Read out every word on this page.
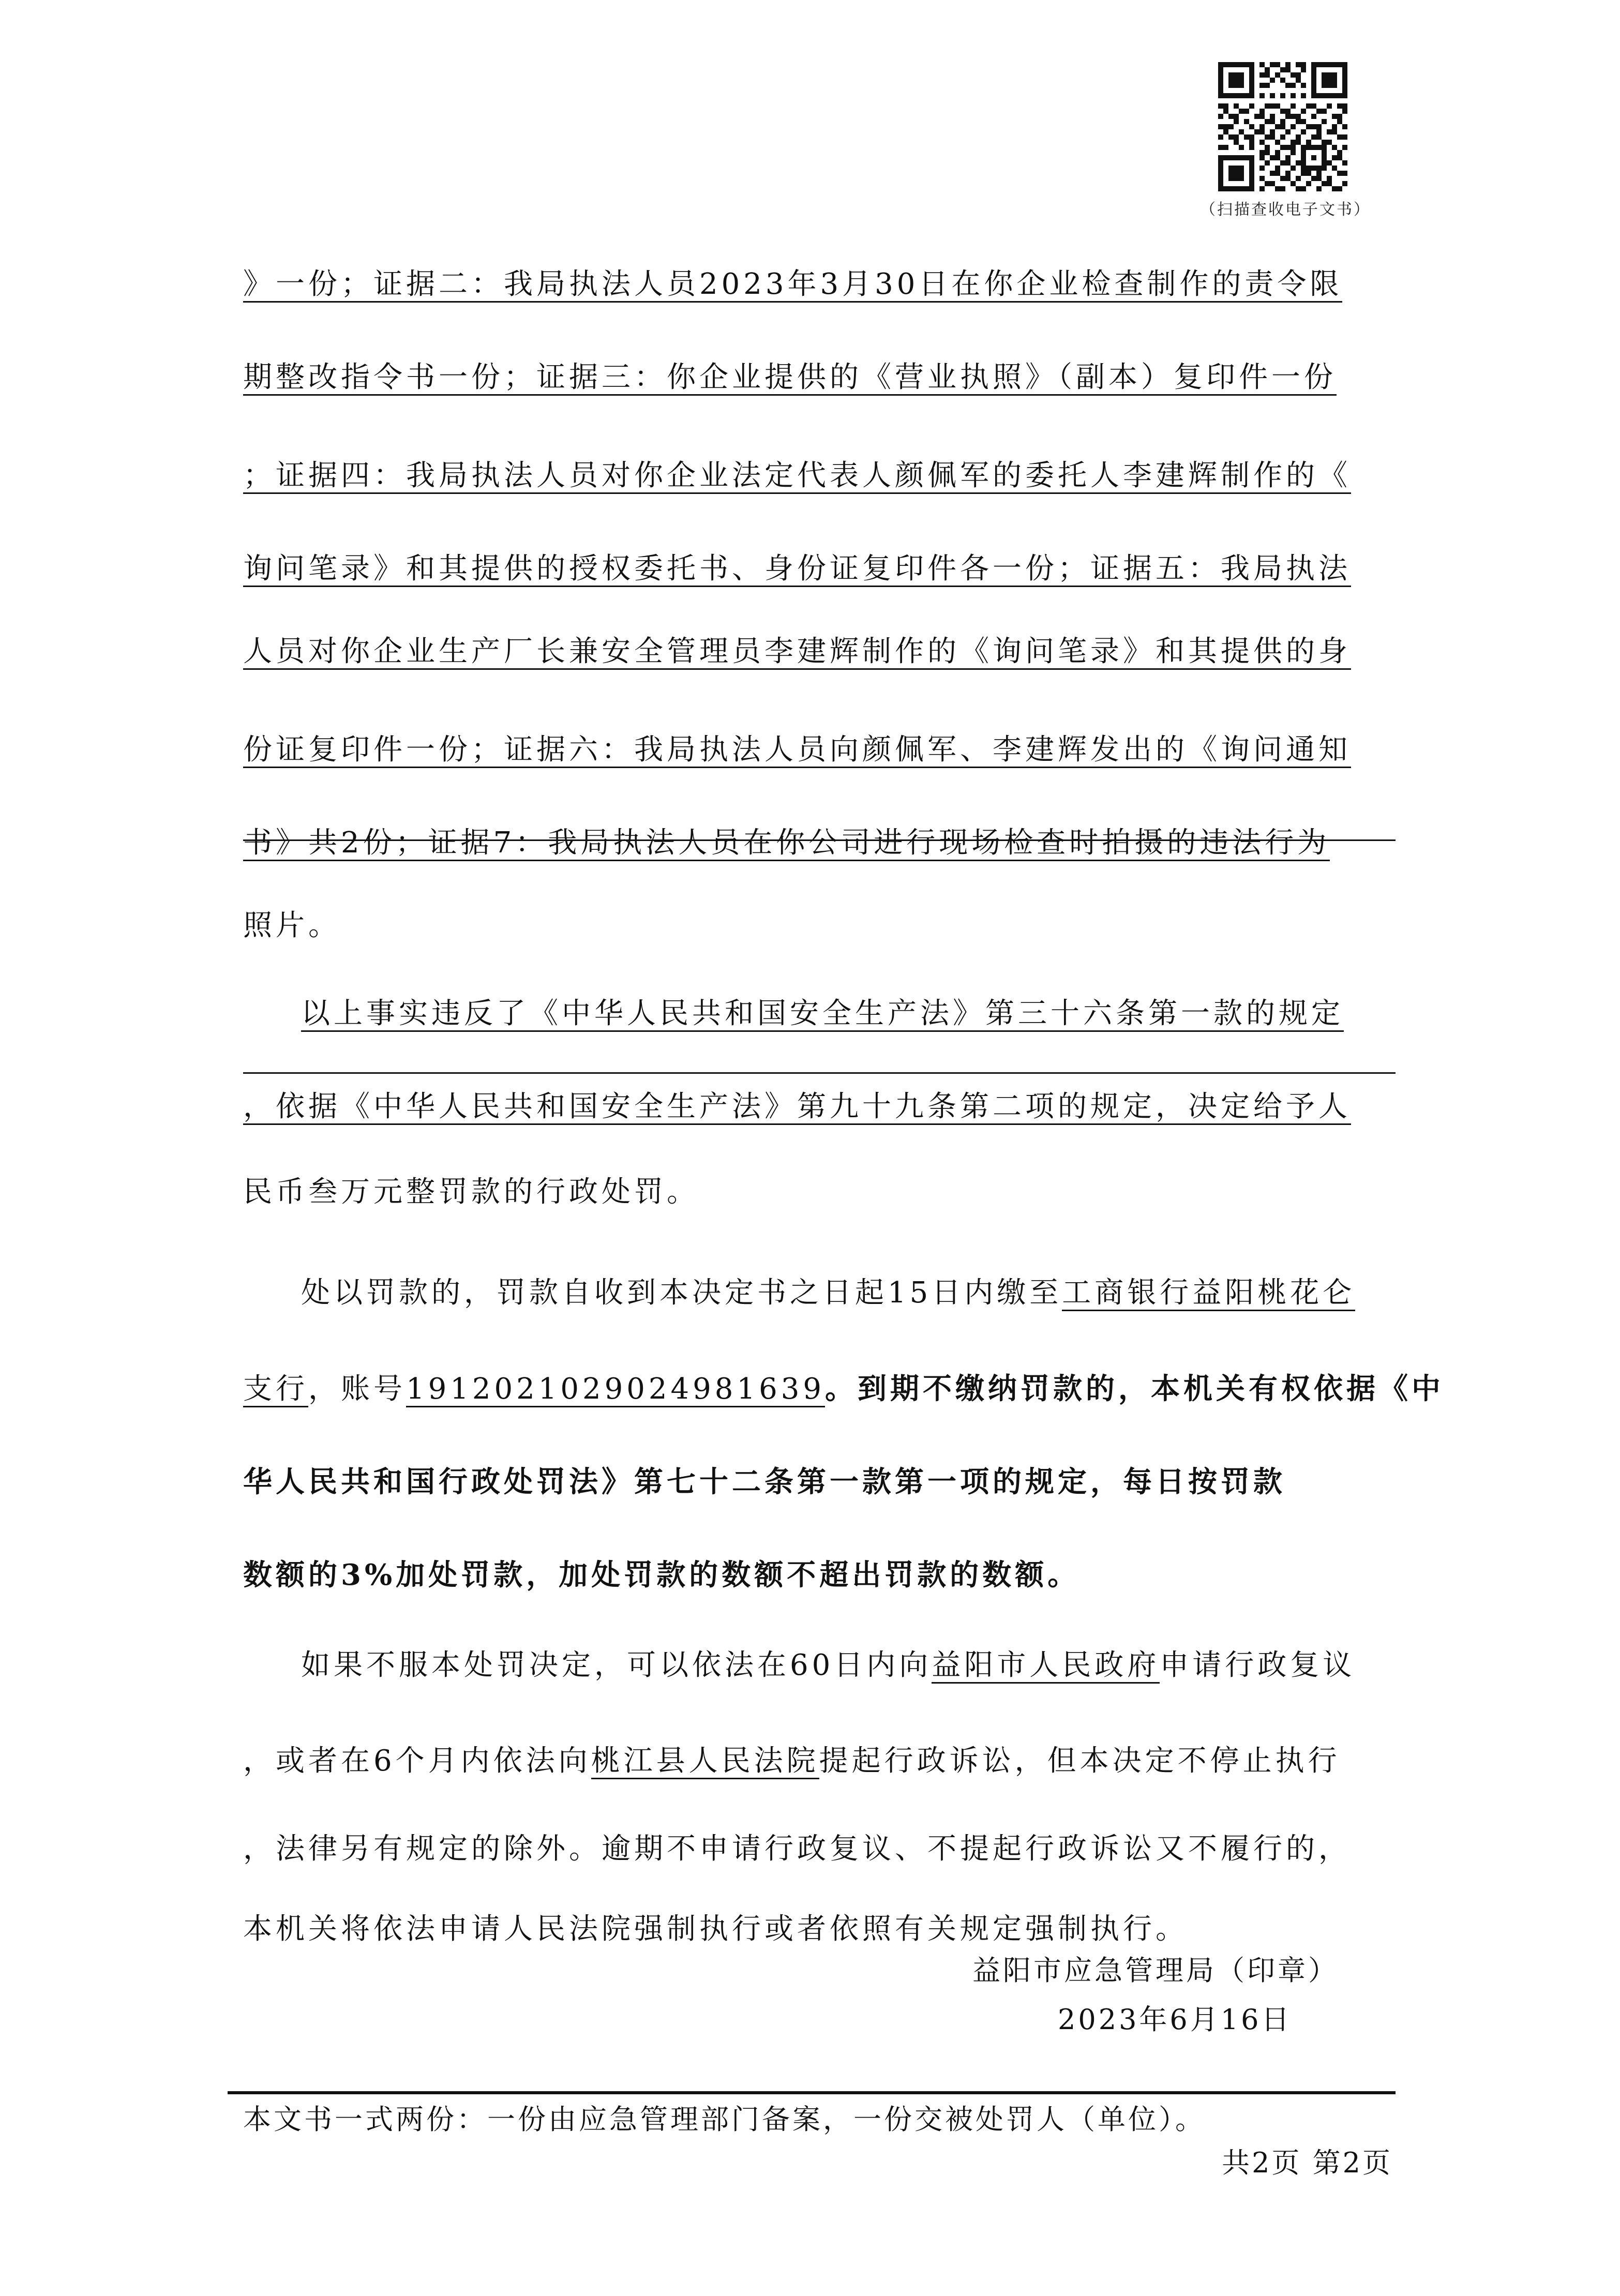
（扫描查收电子文书）
》一份；证据二：我局执法人员2023年3月30日在你企业检查制作的责令限
期整改指令书一份；证据三：你企业提供的《营业执照》（副本）复印件一份
；证据四：我局执法人员对你企业法定代表人颜佩军的委托人李建辉制作的《
询问笔录》和其提供的授权委托书、身份证复印件各一份；证据五：我局执法
人员对你企业生产厂长兼安全管理员李建辉制作的《询问笔录》和其提供的身
份证复印件一份；证据六：我局执法人员向颜佩军、李建辉发出的《询问通知
书》共2份；证据7：我局执法人员在你公司进行现场检查时拍摄的违法行为
照片。
以上事实违反了《中华人民共和国安全生产法》第三十六条第一款的规定
，依据《中华人民共和国安全生产法》第九十九条第二项的规定，决定给予人
民币叁万元整罚款的行政处罚。
处以罚款的，罚款自收到本决定书之日起15日内缴至工商银行益阳桃花仑
支行，账号1912021029024981639。到期不缴纳罚款的，本机关有权依据《中
华人民共和国行政处罚法》第七十二条第一款第一项的规定，每日按罚款
数额的3%加处罚款，加处罚款的数额不超出罚款的数额。
如果不服本处罚决定，可以依法在60日内向益阳市人民政府申请行政复议
，或者在6个月内依法向桃江县人民法院提起行政诉讼，但本决定不停止执行
，法律另有规定的除外。逾期不申请行政复议、不提起行政诉讼又不履行的，
本机关将依法申请人民法院强制执行或者依照有关规定强制执行。
益阳市应急管理局（印章）
2023年6月16日
本文书一式两份：一份由应急管理部门备案，一份交被处罚人（单位）。
共2页 第2页
